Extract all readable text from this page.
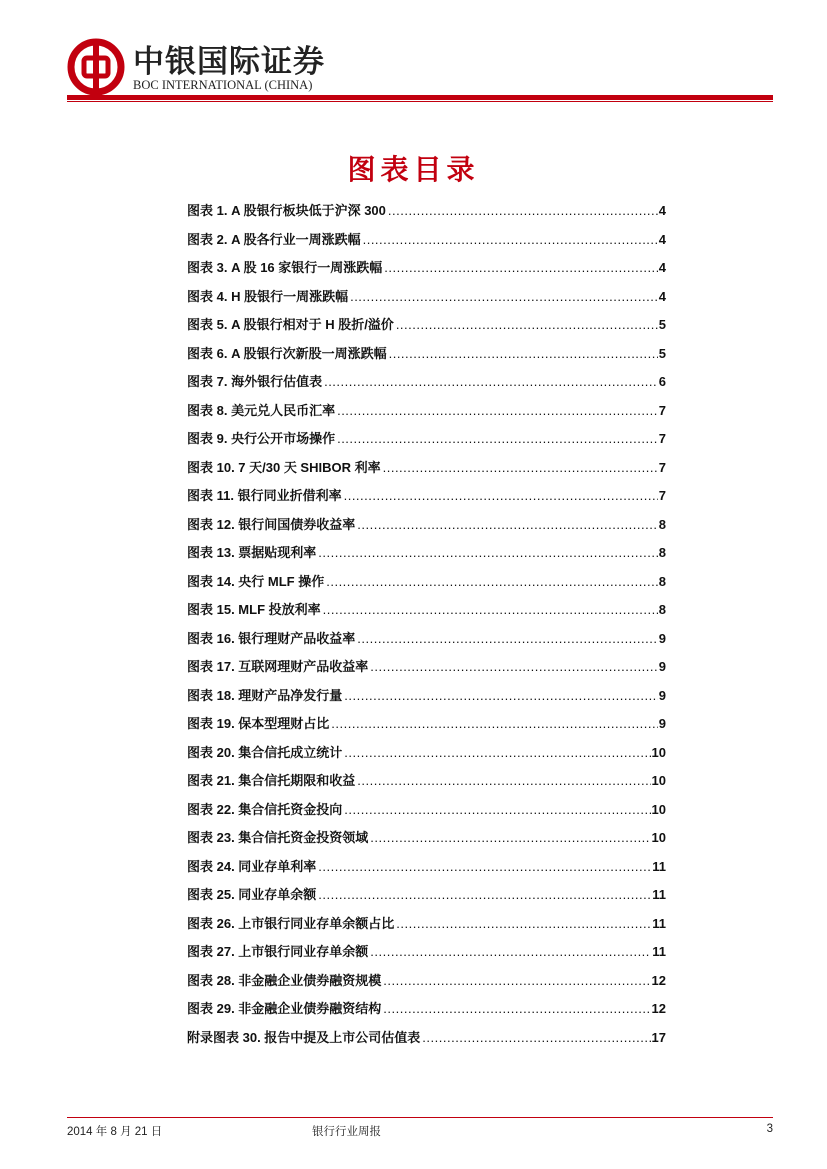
中银国际证券
BOC INTERNATIONAL (CHINA)
图表目录
图表 1. A 股银行板块低于沪深 300 .....	4
图表 2. A 股各行业一周涨跌幅 .....	4
图表 3. A 股 16 家银行一周涨跌幅 .....	4
图表 4. H 股银行一周涨跌幅 .....	4
图表 5. A 股银行相对于 H 股折/溢价 .....	5
图表 6. A 股银行次新股一周涨跌幅 .....	5
图表 7. 海外银行估值表 .....	6
图表 8. 美元兑人民币汇率 .....	7
图表 9. 央行公开市场操作 .....	7
图表 10. 7 天/30 天 SHIBOR 利率 .....	7
图表 11. 银行同业折借利率 .....	7
图表 12. 银行间国债券收益率 .....	8
图表 13. 票据贴现利率 .....	8
图表 14. 央行 MLF 操作 .....	8
图表 15. MLF 投放利率 .....	8
图表 16. 银行理财产品收益率 .....	9
图表 17. 互联网理财产品收益率 .....	9
图表 18. 理财产品净发行量 .....	9
图表 19. 保本型理财占比 .....	9
图表 20. 集合信托成立统计 .....	10
图表 21. 集合信托期限和收益 .....	10
图表 22. 集合信托资金投向 .....	10
图表 23. 集合信托资金投资领域 .....	10
图表 24. 同业存单利率 .....	11
图表 25. 同业存单余额 .....	11
图表 26. 上市银行同业存单余额占比 .....	11
图表 27. 上市银行同业存单余额 .....	11
图表 28. 非金融企业债券融资规模 .....	12
图表 29. 非金融企业债券融资结构 .....	12
附录图表 30. 报告中提及上市公司估值表 .....	17
2014 年 8 月 21 日	银行行业周报	3
